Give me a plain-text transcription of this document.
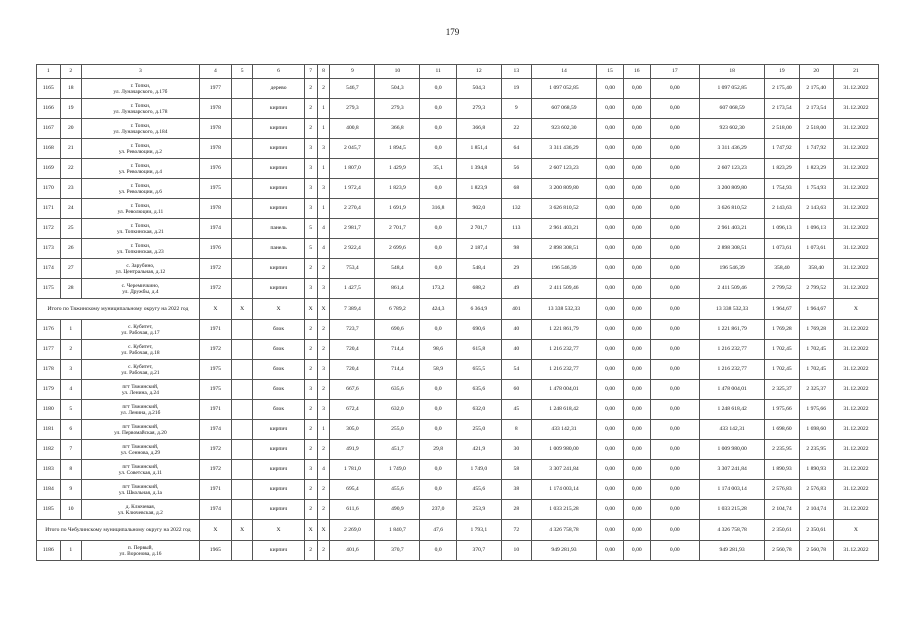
179
1	2	3	4	5	6	7	8	9	10	11	12	13	14	15	16	17	18	19	20	21
1165	18	г. Топки,
ул. Луначарского, д.17б	1977		дерево	2	2	546,7	504,3	0,0	504,3	19	1 097 052,85	0,00	0,00	0,00	1 097 052,85	2 175,40	2 175,40	31.12.2022
1166	19	г. Топки,
ул. Луначарского, д.178	1978		кирпич	2	1	279,3	279,3	0,0	279,3	9	607 068,59	0,00	0,00	0,00	607 068,59	2 173,54	2 173,54	31.12.2022
1167	20	г. Топки,
ул. Луначарского, д.184	1978		кирпич	2	1	400,8	366,8	0,0	366,8	22	923 602,30	0,00	0,00	0,00	923 602,30	2 518,00	2 518,00	31.12.2022
1168	21	г. Топки,
ул. Революции, д.2	1978		кирпич	3	3	2 045,7	1 894,5	0,0	1 851,4	64	3 311 436,29	0,00	0,00	0,00	3 311 436,29	1 747,92	1 747,92	31.12.2022
1169	22	г. Топки,
ул. Революции, д.4	1976		кирпич	3	1	1 807,0	1 429,9	35,1	1 394,8	56	2 607 123,23	0,00	0,00	0,00	2 607 123,23	1 823,29	1 823,29	31.12.2022
1170	23	г. Топки,
ул. Революции, д.6	1975		кирпич	3	3	1 972,4	1 823,9	0,0	1 823,9	68	3 200 809,80	0,00	0,00	0,00	3 200 809,80	1 754,93	1 754,93	31.12.2022
1171	24	г. Топки,
ул. Революции, д.11	1978		кирпич	3	1	2 270,4	1 691,9	316,8	902,0	132	3 626 810,52	0,00	0,00	0,00	3 626 810,52	2 143,63	2 143,63	31.12.2022
1172	25	г. Топки,
ул. Топкинская, д.21	1974		панель	5	4	2 981,7	2 701,7	0,0	2 701,7	113	2 961 403,21	0,00	0,00	0,00	2 961 403,21	1 096,13	1 096,13	31.12.2022
1173	26	г. Топки,
ул. Топкинская, д.23	1976		панель	5	4	2 922,4	2 699,6	0,0	2 187,4	98	2 898 308,51	0,00	0,00	0,00	2 898 308,51	1 073,61	1 073,61	31.12.2022
1174	27	с. Зарубино,
ул. Центральная, д.12	1972		кирпич	2	2	753,4	548,4	0,0	548,4	29	196 546,39	0,00	0,00	0,00	196 546,39	358,40	358,40	31.12.2022
1175	28	с. Черемичкино,
ул. Дружбы, д.4	1972		кирпич	3	3	1 427,5	861,4	173,2	688,2	49	2 411 509,46	0,00	0,00	0,00	2 411 509,46	2 799,52	2 799,52	31.12.2022
Итого по Тяжинскому муниципальному округу на 2022 год			X	X	X	X	X	7 389,4	6 789,2	424,3	6 364,9	401	13 338 532,33	0,00	0,00	0,00	13 338 532,33	1 964,67	1 964,67	X
1176	1	с. Кубитет,
ул. Рабочая, д.17	1971		блок	2	2	723,7	690,6	0,0	690,6	40	1 221 861,79	0,00	0,00	0,00	1 221 861,79	1 769,28	1 769,28	31.12.2022
1177	2	с. Кубитет,
ул. Рабочая, д.18	1972		блок	2	2	720,4	714,4	98,6	615,8	40	1 216 232,77	0,00	0,00	0,00	1 216 232,77	1 702,45	1 702,45	31.12.2022
1178	3	с. Кубитет,
ул. Рабочая, д.21	1975		блок	2	3	720,4	714,4	58,9	655,5	54	1 216 232,77	0,00	0,00	0,00	1 216 232,77	1 702,45	1 702,45	31.12.2022
1179	4	пгт Тяжинский,
ул. Ленина, д.24	1975		блок	3	2	667,6	635,6	0,0	635,6	60	1 478 004,01	0,00	0,00	0,00	1 478 004,01	2 325,37	2 325,37	31.12.2022
1180	5	пгт Тяжинский,
ул. Ленина, д.21б	1971		блок	2	3	672,4	632,0	0,0	632,0	45	1 248 618,42	0,00	0,00	0,00	1 248 618,42	1 975,66	1 975,66	31.12.2022
1181	6	пгт Тяжинский,
ул. Первомайская, д.20	1974		кирпич	2	1	305,0	255,0	0,0	255,0	8	433 142,31	0,00	0,00	0,00	433 142,31	1 698,60	1 698,60	31.12.2022
1182	7	пгт Тяжинский,
ул. Сеннова, д.29	1972		кирпич	2	2	491,9	451,7	29,8	421,9	30	1 009 980,00	0,00	0,00	0,00	1 009 980,00	2 235,95	2 235,95	31.12.2022
1183	8	пгт Тяжинский,
ул. Советская, д.11	1972		кирпич	3	4	1 781,0	1 749,0	0,0	1 749,0	58	3 307 241,84	0,00	0,00	0,00	3 307 241,84	1 890,93	1 890,93	31.12.2022
1184	9	пгт Тяжинский,
ул. Школьная, д.1а	1971		кирпич	2	2	695,4	455,6	0,0	455,6	38	1 174 003,14	0,00	0,00	0,00	1 174 003,14	2 576,83	2 576,83	31.12.2022
1185	10	д. Ключевая,
ул. Ключевская, д.2	1974		кирпич	2	2	611,6	490,9	237,0	253,9	28	1 033 215,28	0,00	0,00	0,00	1 033 215,28	2 104,74	2 104,74	31.12.2022
Итого по Чебулинскому муниципальному округу на 2022 год			X	X	X	X	X	2 269,0	1 840,7	47,6	1 793,1	72	4 326 758,78	0,00	0,00	0,00	4 326 758,78	2 350,61	2 350,61	X
1186	1	п. Первый,
ул. Воронова, д.16	1965		кирпич	2	2	401,6	370,7	0,0	370,7	10	949 281,93	0,00	0,00	0,00	949 281,93	2 560,78	2 560,78	31.12.2022
